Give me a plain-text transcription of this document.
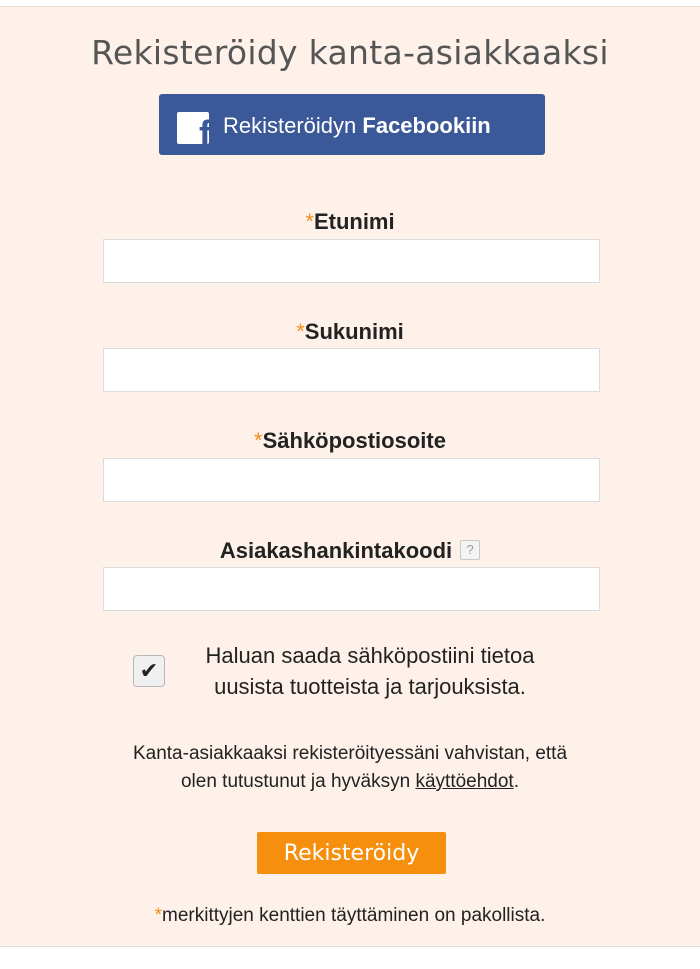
Rekisteröidy kanta-asiakkaaksi
f Rekisteröidyn Facebookiin
*Etunimi
*Sukunimi
*Sähköpostiosoite
Asiakashankintakoodi ?
✔
Haluan saada sähköpostiini tietoa
uusista tuotteista ja tarjouksista.
Kanta-asiakkaaksi rekisteröityessäni vahvistan, että
olen tutustunut ja hyväksyn käyttöehdot.
Rekisteröidy
*merkittyjen kenttien täyttäminen on pakollista.
